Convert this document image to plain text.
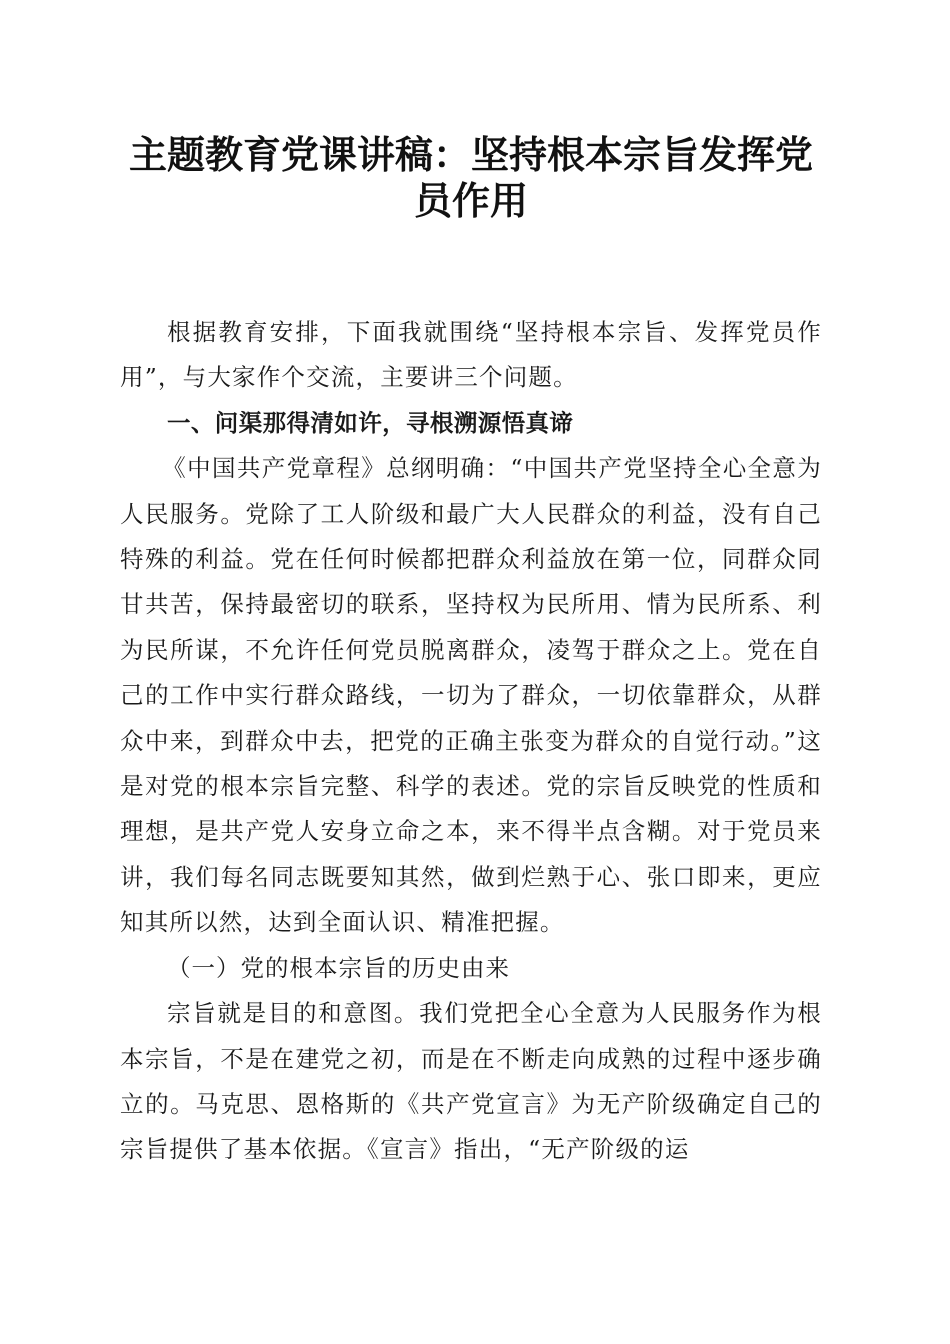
主题教育党课讲稿：坚持根本宗旨发挥党员作用

根据教育安排，下面我就围绕“坚持根本宗旨、发挥党员作用”，与大家作个交流，主要讲三个问题。

一、问渠那得清如许，寻根溯源悟真谛

《中国共产党章程》总纲明确：“中国共产党坚持全心全意为人民服务。党除了工人阶级和最广大人民群众的利益，没有自己特殊的利益。党在任何时候都把群众利益放在第一位，同群众同甘共苦，保持最密切的联系，坚持权为民所用、情为民所系、利为民所谋，不允许任何党员脱离群众，凌驾于群众之上。党在自己的工作中实行群众路线，一切为了群众，一切依靠群众，从群众中来，到群众中去，把党的正确主张变为群众的自觉行动。”这是对党的根本宗旨完整、科学的表述。党的宗旨反映党的性质和理想，是共产党人安身立命之本，来不得半点含糊。对于党员来讲，我们每名同志既要知其然，做到烂熟于心、张口即来，更应知其所以然，达到全面认识、精准把握。

（一）党的根本宗旨的历史由来

宗旨就是目的和意图。我们党把全心全意为人民服务作为根本宗旨，不是在建党之初，而是在不断走向成熟的过程中逐步确立的。马克思、恩格斯的《共产党宣言》为无产阶级确定自己的宗旨提供了基本依据。《宣言》指出，“无产阶级的运
